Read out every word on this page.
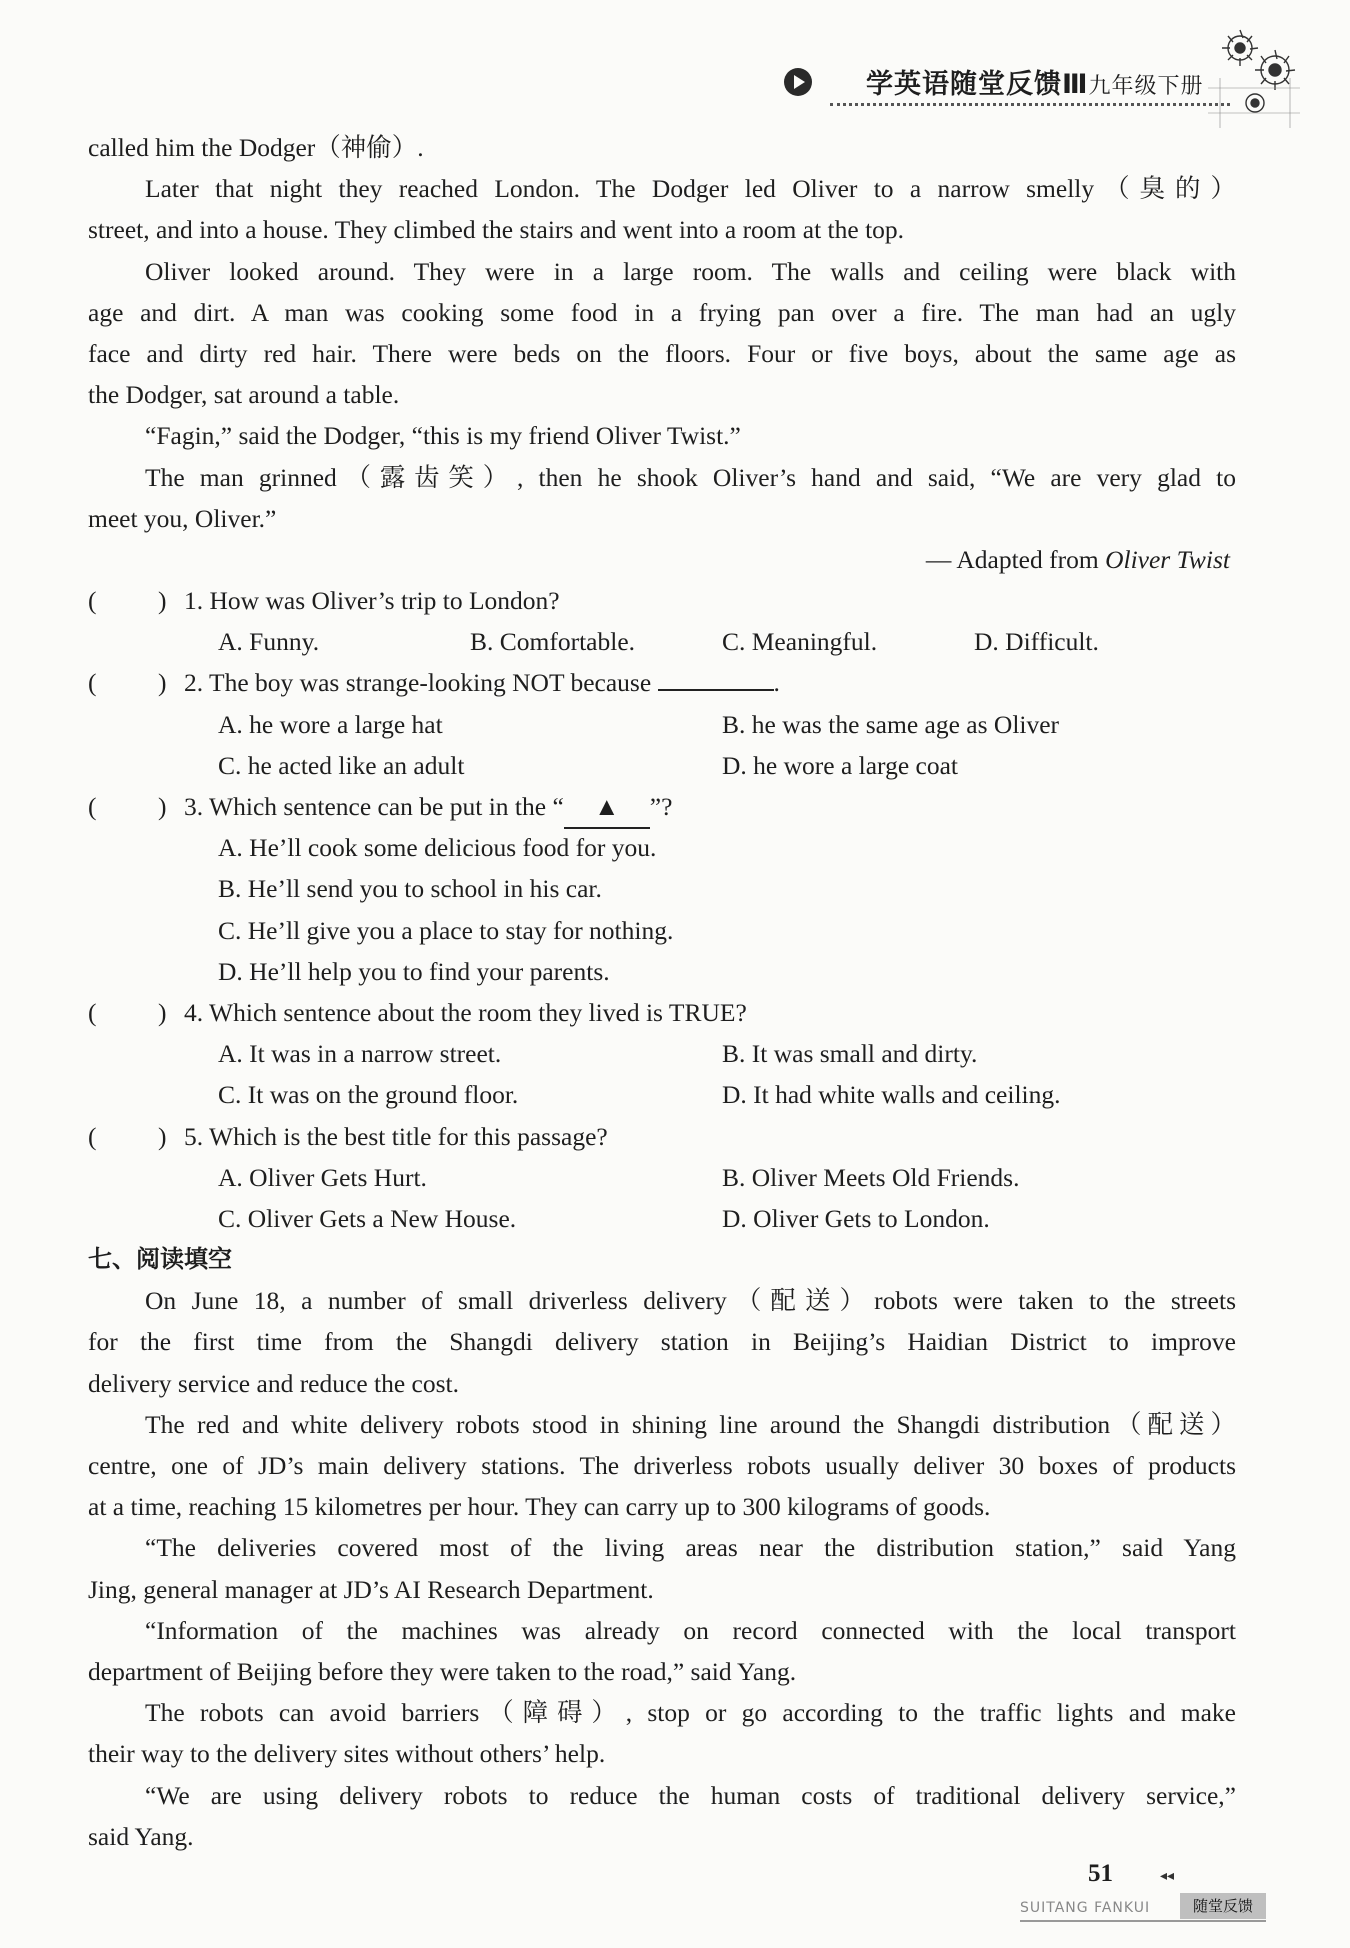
学英语随堂反馈Ⅲ九年级下册
called him the Dodger（神偷）.
Later that night they reached London. The Dodger led Oliver to a narrow smelly（臭的）
street, and into a house. They climbed the stairs and went into a room at the top.
Oliver looked around. They were in a large room. The walls and ceiling were black with
age and dirt. A man was cooking some food in a frying pan over a fire. The man had an ugly
face and dirty red hair. There were beds on the floors. Four or five boys, about the same age as
the Dodger, sat around a table.
“Fagin,” said the Dodger, “this is my friend Oliver Twist.”
The man grinned（露齿笑）, then he shook Oliver’s hand and said, “We are very glad to
meet you, Oliver.”
— Adapted from Oliver Twist
( ) 1. How was Oliver’s trip to London?
A. Funny.	B. Comfortable.	C. Meaningful.	D. Difficult.
( ) 2. The boy was strange-looking NOT because	.
A. he wore a large hat	B. he was the same age as Oliver
C. he acted like an adult	D. he wore a large coat
( ) 3. Which sentence can be put in the “ ▲ ”?
A. He’ll cook some delicious food for you.
B. He’ll send you to school in his car.
C. He’ll give you a place to stay for nothing.
D. He’ll help you to find your parents.
( ) 4. Which sentence about the room they lived is TRUE?
A. It was in a narrow street.	B. It was small and dirty.
C. It was on the ground floor.	D. It had white walls and ceiling.
( ) 5. Which is the best title for this passage?
A. Oliver Gets Hurt.	B. Oliver Meets Old Friends.
C. Oliver Gets a New House.	D. Oliver Gets to London.
七、阅读填空
On June 18, a number of small driverless delivery（配送）robots were taken to the streets
for the first time from the Shangdi delivery station in Beijing’s Haidian District to improve
delivery service and reduce the cost.
The red and white delivery robots stood in shining line around the Shangdi distribution（配送）
centre, one of JD’s main delivery stations. The driverless robots usually deliver 30 boxes of products
at a time, reaching 15 kilometres per hour. They can carry up to 300 kilograms of goods.
“The deliveries covered most of the living areas near the distribution station,” said Yang
Jing, general manager at JD’s AI Research Department.
“Information of the machines was already on record connected with the local transport
department of Beijing before they were taken to the road,” said Yang.
The robots can avoid barriers（障碍）, stop or go according to the traffic lights and make
their way to the delivery sites without others’ help.
“We are using delivery robots to reduce the human costs of traditional delivery service,”
said Yang.
51	◂◂
SUITANG FANKUI	随堂反馈
